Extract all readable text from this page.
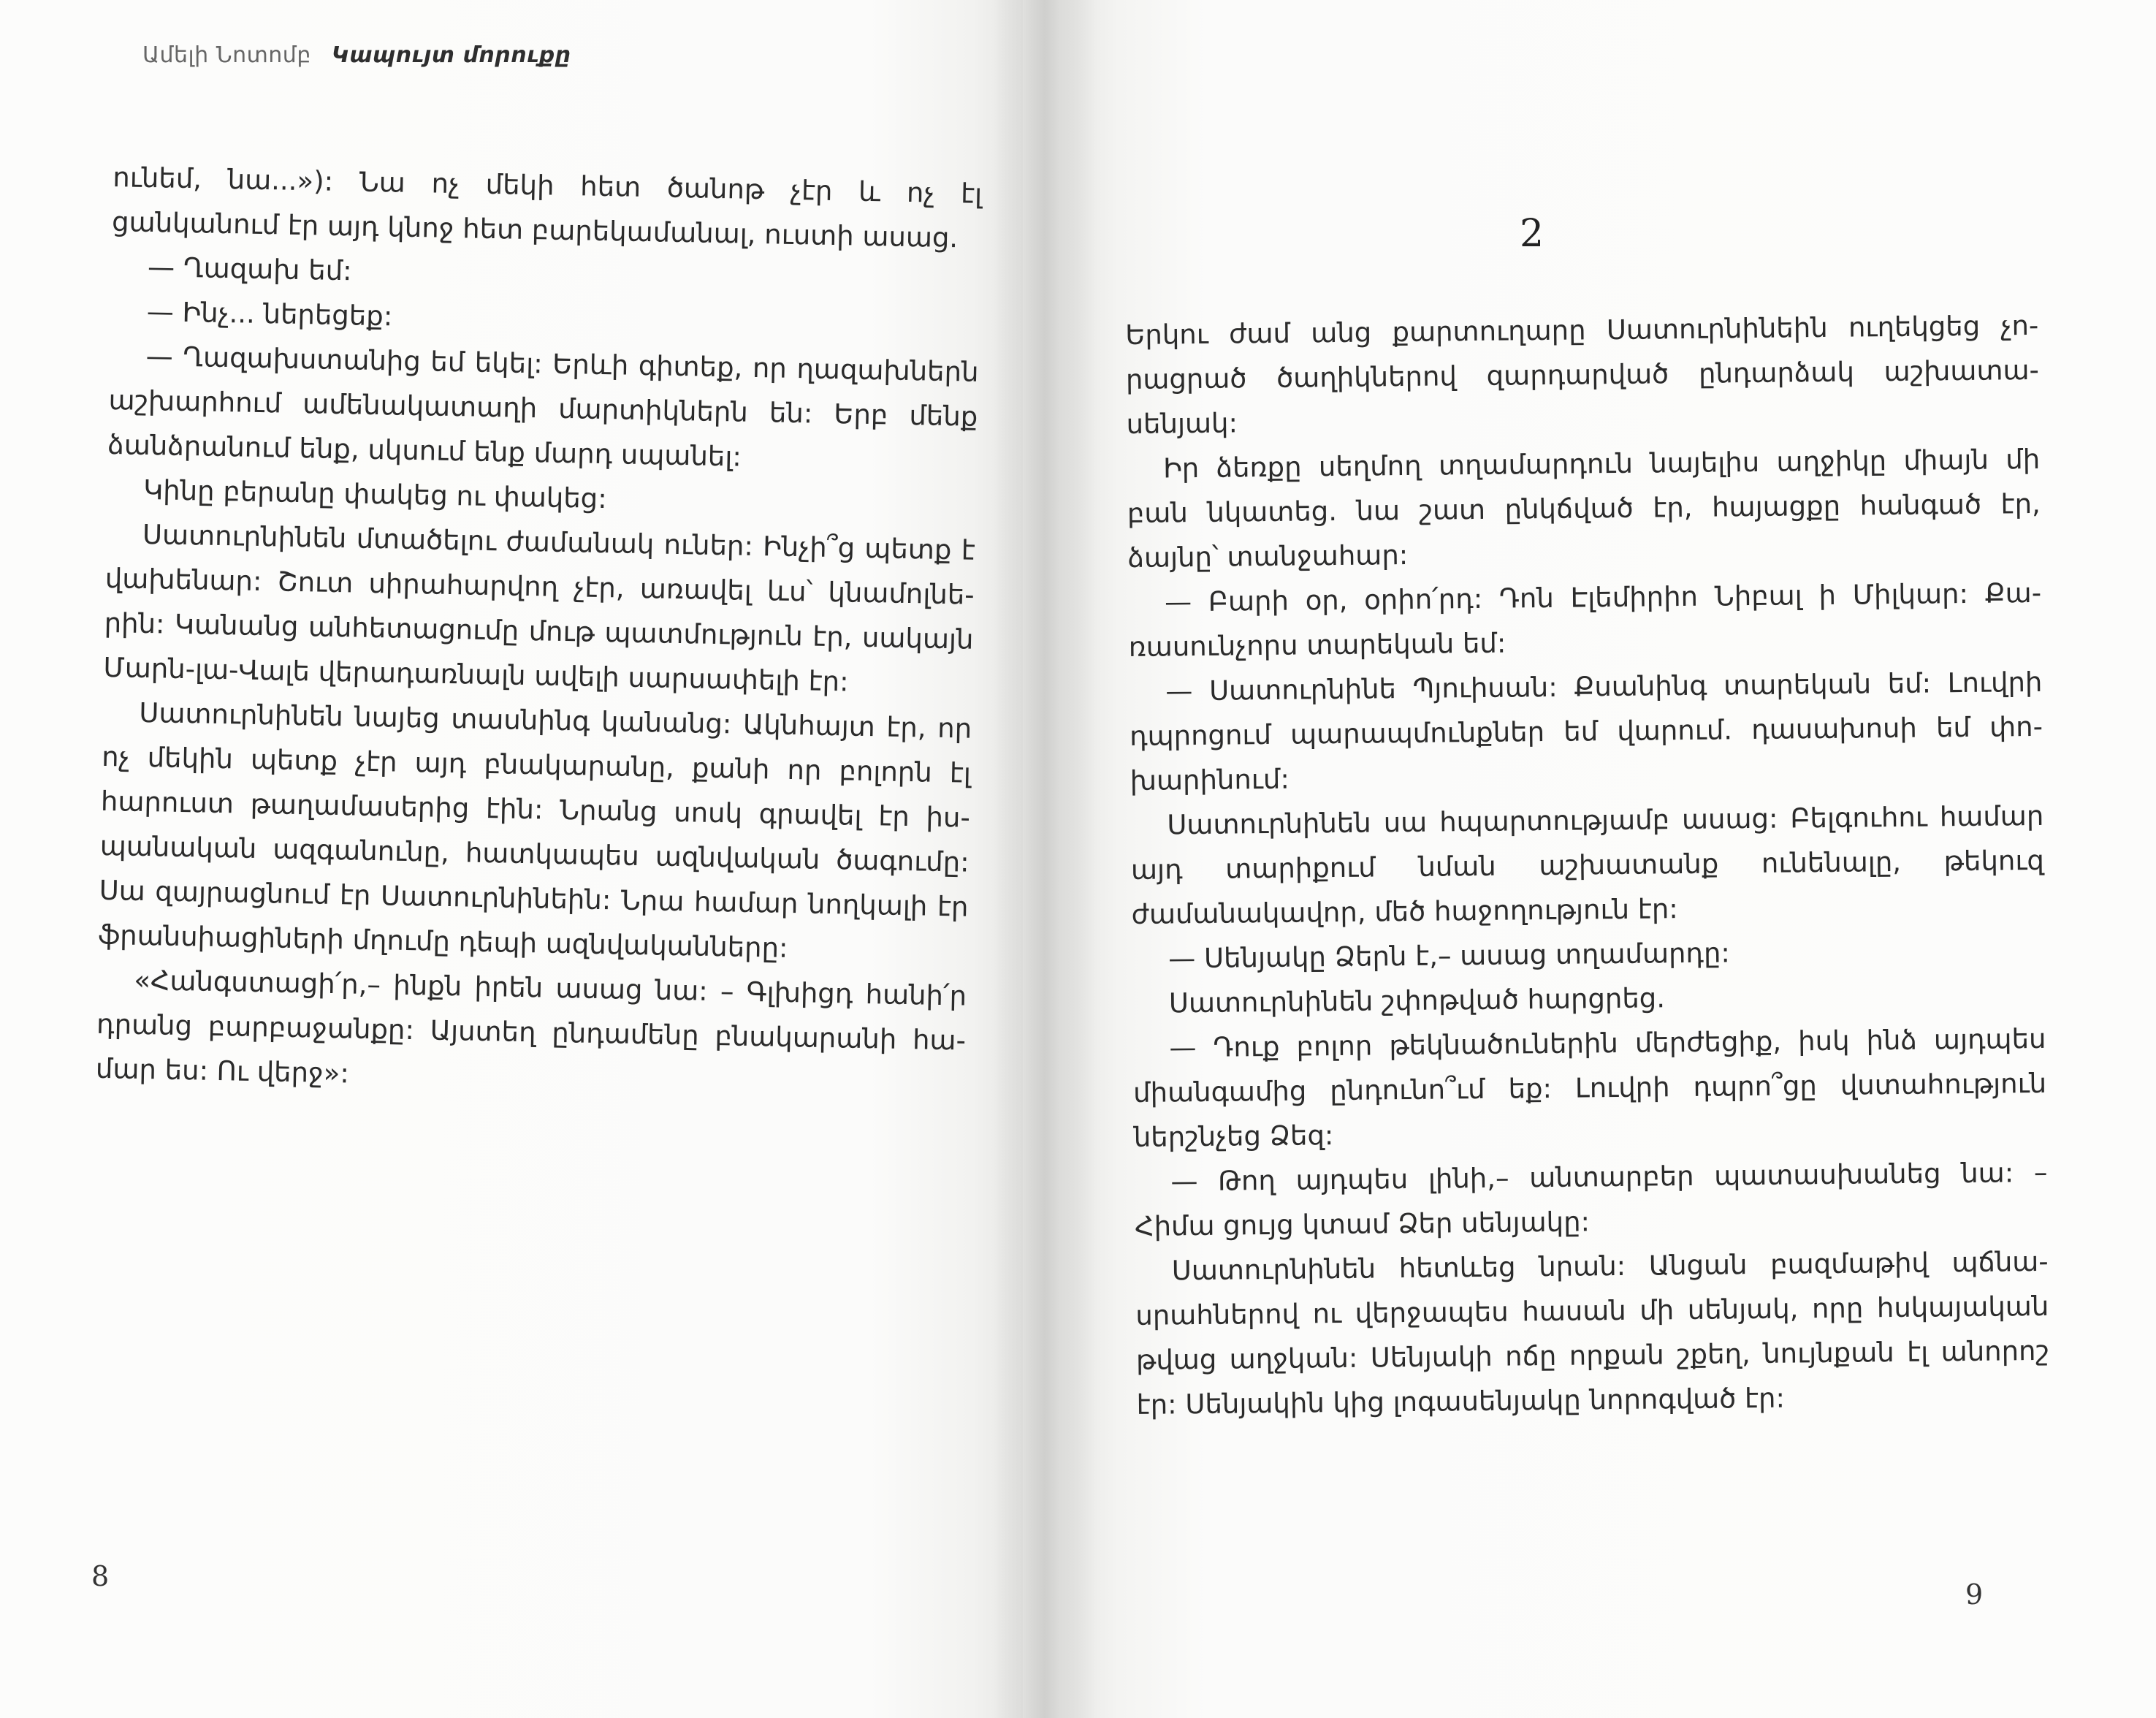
Ամելի Նոտոմբ Կապույտ մորուքը

ունեմ, նա...»): Նա ոչ մեկի հետ ծանոթ չէր և ոչ էլ ցանկանում էր այդ կնոջ հետ բարեկամանալ, ուստի ասաց.

— Ղազախ եմ:

— Ինչ... ներեցեք:

— Ղազախստանից եմ եկել: Երևի գիտեք, որ ղազախներն աշխարհում ամենակատաղի մարտիկներն են: Երբ մենք ձանձրանում ենք, սկսում ենք մարդ սպանել:

Կինը բերանը փակեց ու փակեց:

Սատուրնինեն մտածելու ժամանակ ուներ: Ինչի՞ց պետք է վախենար: Շուտ սիրահարվող չէր, առավել ևս՝ կնամոլներին: Կանանց անհետացումը մութ պատմություն էր, սակայն Մարն-լա-Վալե վերադառնալն ավելի սարսափելի էր:

Սատուրնինեն նայեց տասնինգ կանանց: Ակնհայտ էր, որ ոչ մեկին պետք չէր այդ բնակարանը, քանի որ բոլորն էլ հարուստ թաղամասերից էին: Նրանց սոսկ գրավել էր իսպանական ազգանունը, հատկապես ազնվական ծագումը: Սա զայրացնում էր Սատուրնինեին: Նրա համար նողկալի էր ֆրանսիացիների մղումը դեպի ազնվականները:

«Հանգստացի՛ր,– ինքն իրեն ասաց նա: – Գլխիցդ հանի՛ր դրանց բարբաջանքը: Այստեղ ընդամենը բնակարանի համար ես: Ու վերջ»:

8

Երկու ժամ անց քարտուղարը Սատուրնինեին ուղեկցեց չորացրած ծաղիկներով զարդարված ընդարձակ աշխատասենյակ:

Իր ձեռքը սեղմող տղամարդուն նայելիս աղջիկը միայն մի բան նկատեց. նա շատ ընկճված էր, հայացքը հանգած էր, ձայնը՝ տանջահար:

— Բարի օր, օրիո՛րդ: Դոն Էլեմիրիո Նիբալ ի Միլկար: Քառասունչորս տարեկան եմ:

— Սատուրնինե Պյուիսան: Քսանինգ տարեկան եմ: Լուվրի դպրոցում պարապմունքներ եմ վարում. դասախոսի եմ փոխարինում:

Սատուրնինեն սա հպարտությամբ ասաց: Բելգուհու համար այդ տարիքում նման աշխատանք ունենալը, թեկուզ ժամանակավոր, մեծ հաջողություն էր:

— Սենյակը Ձերն է,– ասաց տղամարդը:

Սատուրնինեն շփոթված հարցրեց.

— Դուք բոլոր թեկնածուներին մերժեցիք, իսկ ինձ այդպես միանգամից ընդունո՞ւմ եք: Լուվրի դպրո՞ցը վստահություն ներշնչեց Ձեզ:

— Թող այդպես լինի,– անտարբեր պատասխանեց նա: – Հիմա ցույց կտամ Ձեր սենյակը:

Սատուրնինեն հետևեց նրան: Անցան բազմաթիվ պճնասրահներով ու վերջապես հասան մի սենյակ, որը հսկայական թվաց աղջկան: Սենյակի ոճը որքան շքեղ, նույնքան էլ անորոշ էր: Սենյակին կից լոգասենյակը նորոգված էր:

2
9
